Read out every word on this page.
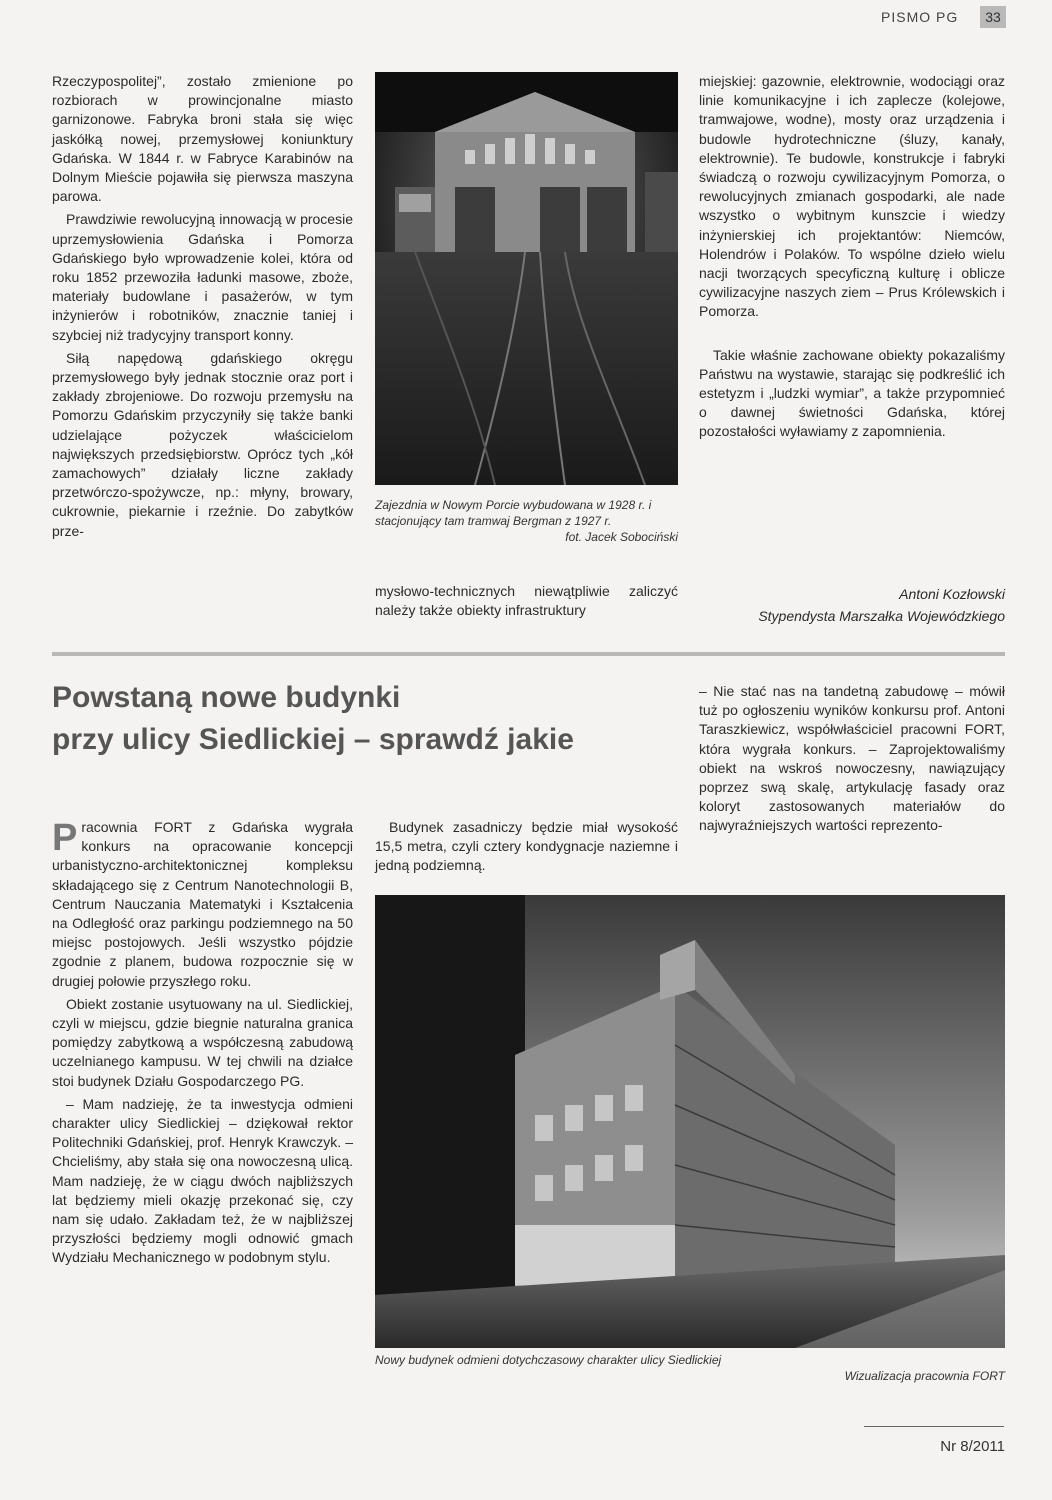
PISMO PG	33

Rzeczypospolitej”, zostało zmienione po rozbiorach w prowincjonalne miasto garnizonowe. Fabryka broni stała się więc jaskółką nowej, przemysłowej koniunktury Gdańska. W 1844 r. w Fabryce Karabinów na Dolnym Mieście pojawiła się pierwsza maszyna parowa.

Prawdziwie rewolucyjną innowacją w procesie uprzemysłowienia Gdańska i Pomorza Gdańskiego było wprowadzenie kolei, która od roku 1852 przewoziła ładunki masowe, zboże, materiały budowlane i pasażerów, w tym inżynierów i robotników, znacznie taniej i szybciej niż tradycyjny transport konny.

Siłą napędową gdańskiego okręgu przemysłowego były jednak stocznie oraz port i zakłady zbrojeniowe. Do rozwoju przemysłu na Pomorzu Gdańskim przyczyniły się także banki udzielające pożyczek właścicielom największych przedsiębiorstw. Oprócz tych „kół zamachowych” działały liczne zakłady przetwórczo-spożywcze, np.: młyny, browary, cukrownie, piekarnie i rzeźnie. Do zabytków prze-

Zajezdnia w Nowym Porcie wybudowana w 1928 r. i stacjonujący tam tramwaj Bergman z 1927 r.
fot. Jacek Sobociński

mysłowo-technicznych niewątpliwie zaliczyć należy także obiekty infrastruktury

miejskiej: gazownie, elektrownie, wodociągi oraz linie komunikacyjne i ich zaplecze (kolejowe, tramwajowe, wodne), mosty oraz urządzenia i budowle hydrotechniczne (śluzy, kanały, elektrownie). Te budowle, konstrukcje i fabryki świadczą o rozwoju cywilizacyjnym Pomorza, o rewolucyjnych zmianach gospodarki, ale nade wszystko o wybitnym kunszcie i wiedzy inżynierskiej ich projektantów: Niemców, Holendrów i Polaków. To wspólne dzieło wielu nacji tworzących specyficzną kulturę i oblicze cywilizacyjne naszych ziem – Prus Królewskich i Pomorza.

Takie właśnie zachowane obiekty pokazaliśmy Państwu na wystawie, starając się podkreślić ich estetyzm i „ludzki wymiar”, a także przypomnieć o dawnej świetności Gdańska, której pozostałości wyławiamy z zapomnienia.

Antoni Kozłowski
Stypendysta Marszałka Wojewódzkiego
Powstaną nowe budynki
przy ulicy Siedlickiej – sprawdź jakie

– Nie stać nas na tandetną zabudowę – mówił tuż po ogłoszeniu wyników konkursu prof. Antoni Taraszkiewicz, współwłaściciel pracowni FORT, która wygrała konkurs. – Zaprojektowaliśmy obiekt na wskroś nowoczesny, nawiązujący poprzez swą skalę, artykulację fasady oraz koloryt zastosowanych materiałów do najwyraźniejszych wartości reprezento-

Pracownia FORT z Gdańska wygrała konkurs na opracowanie koncepcji urbanistyczno-architektonicznej kompleksu składającego się z Centrum Nanotechnologii B, Centrum Nauczania Matematyki i Kształcenia na Odległość oraz parkingu podziemnego na 50 miejsc postojowych. Jeśli wszystko pójdzie zgodnie z planem, budowa rozpocznie się w drugiej połowie przyszłego roku.

Obiekt zostanie usytuowany na ul. Siedlickiej, czyli w miejscu, gdzie biegnie naturalna granica pomiędzy zabytkową a współczesną zabudową uczelnianego kampusu. W tej chwili na działce stoi budynek Działu Gospodarczego PG.

– Mam nadzieję, że ta inwestycja odmieni charakter ulicy Siedlickiej – dziękował rektor Politechniki Gdańskiej, prof. Henryk Krawczyk. – Chcieliśmy, aby stała się ona nowoczesną ulicą. Mam nadzieję, że w ciągu dwóch najbliższych lat będziemy mieli okazję przekonać się, czy nam się udało. Zakładam też, że w najbliższej przyszłości będziemy mogli odnowić gmach Wydziału Mechanicznego w podobnym stylu.

Budynek zasadniczy będzie miał wysokość 15,5 metra, czyli cztery kondygnacje naziemne i jedną podziemną.

Nowy budynek odmieni dotychczasowy charakter ulicy Siedlickiej
Wizualizacja pracownia FORT
Nr 8/2011
